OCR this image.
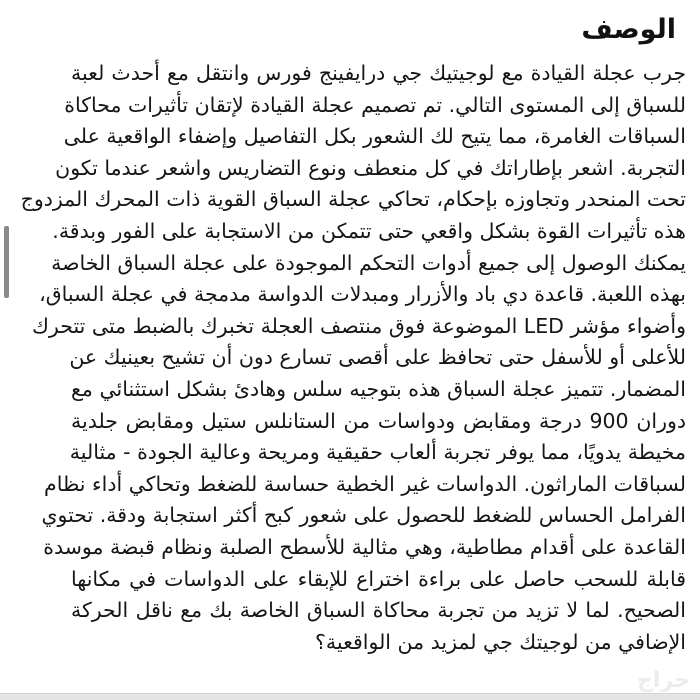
الوصف
جرب عجلة القيادة مع لوجيتيك جي درايفينج فورس وانتقل مع أحدث لعبة
للسباق إلى المستوى التالي. تم تصميم عجلة القيادة لإتقان تأثيرات محاكاة
السباقات الغامرة، مما يتيح لك الشعور بكل التفاصيل وإضفاء الواقعية على
التجربة. اشعر بإطاراتك في كل منعطف ونوع التضاريس واشعر عندما تكون
تحت المنحدر وتجاوزه بإحكام، تحاكي عجلة السباق القوية ذات المحرك المزدوج
هذه تأثيرات القوة بشكل واقعي حتى تتمكن من الاستجابة على الفور وبدقة.
يمكنك الوصول إلى جميع أدوات التحكم الموجودة على عجلة السباق الخاصة
بهذه اللعبة. قاعدة دي باد والأزرار ومبدلات الدواسة مدمجة في عجلة السباق،
وأضواء مؤشر LED الموضوعة فوق منتصف العجلة تخبرك بالضبط متى تتحرك
للأعلى أو للأسفل حتى تحافظ على أقصى تسارع دون أن تشيح بعينيك عن
المضمار. تتميز عجلة السباق هذه بتوجيه سلس وهادئ بشكل استثنائي مع
دوران 900 درجة ومقابض ودواسات من الستانلس ستيل ومقابض جلدية
مخيطة يدويًا، مما يوفر تجربة ألعاب حقيقية ومريحة وعالية الجودة - مثالية
لسباقات الماراثون. الدواسات غير الخطية حساسة للضغط وتحاكي أداء نظام
الفرامل الحساس للضغط للحصول على شعور كبح أكثر استجابة ودقة. تحتوي
القاعدة على أقدام مطاطية، وهي مثالية للأسطح الصلبة ونظام قبضة موسدة
قابلة للسحب حاصل على براءة اختراع للإبقاء على الدواسات في مكانها
الصحيح. لما لا تزيد من تجربة محاكاة السباق الخاصة بك مع ناقل الحركة
الإضافي من لوجيتك جي لمزيد من الواقعية؟
حراج
